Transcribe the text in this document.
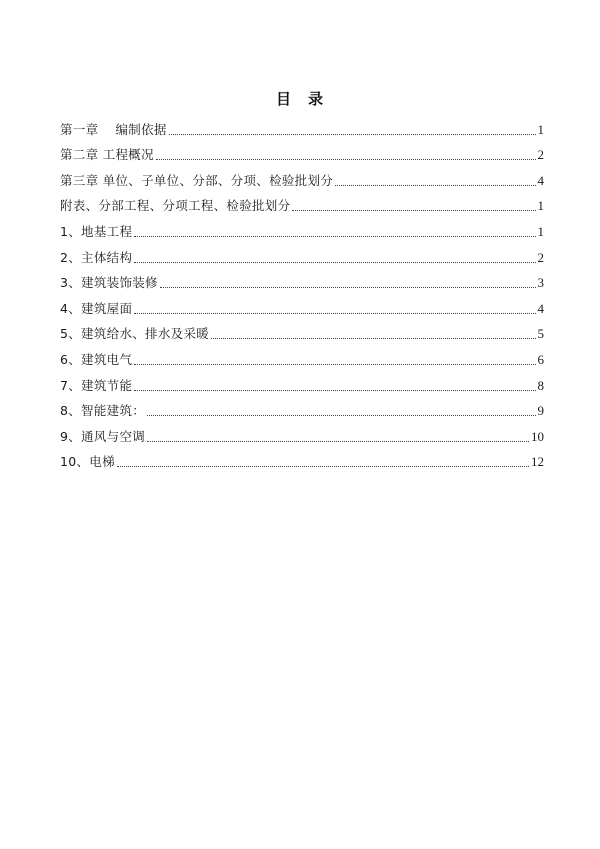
目　录
第一章　 编制依据	1
第二章 工程概况	2
第三章 单位、子单位、分部、分项、检验批划分	4
附表、分部工程、分项工程、检验批划分	1
1、地基工程	1
2、主体结构	2
3、建筑装饰装修	3
4、建筑屋面	4
5、建筑给水、排水及采暖	5
6、建筑电气	6
7、建筑节能	8
8、智能建筑：	9
9、通风与空调	10
10、电梯	12
